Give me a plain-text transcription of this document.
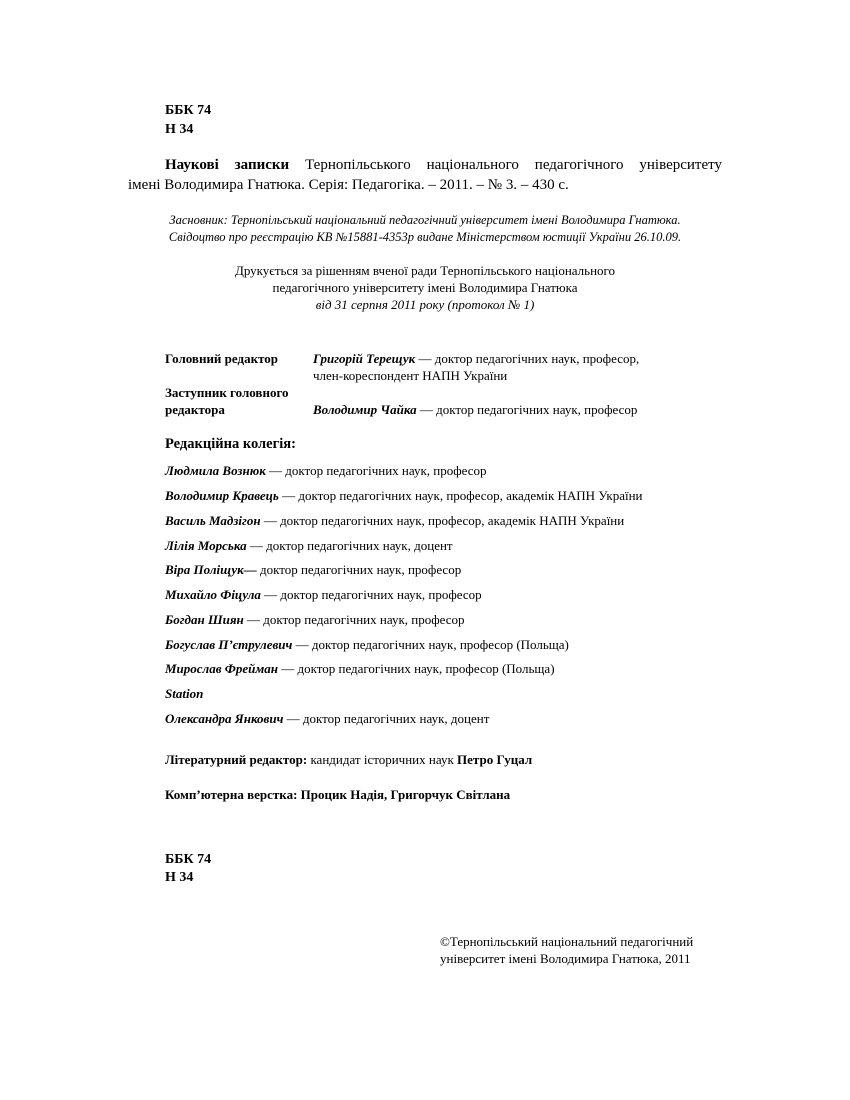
ББК 74
Н 34
Наукові записки Тернопільського національного педагогічного університету
імені Володимира Гнатюка. Серія: Педагогіка. – 2011. – № 3. – 430 с.
Засновник: Тернопільський національний педагогічний університет імені Володимира Гнатюка.
Свідоцтво про реєстрацію КВ №15881-4353р видане Міністерством юстиції України 26.10.09.
Друкується за рішенням вченої ради Тернопільського національного
педагогічного університету імені Володимира Гнатюка
від 31 серпня 2011 року (протокол № 1)
Головний редактор	Григорій Терещук — доктор педагогічних наук, професор,
член-кореспондент НАПН України
Заступник головного
редактора	Володимир Чайка — доктор педагогічних наук, професор
Редакційна колегія:
Людмила Вознюк — доктор педагогічних наук, професор
Володимир Кравець — доктор педагогічних наук, професор, академік НАПН України
Василь Мадзігон — доктор педагогічних наук, професор, академік НАПН України
Лілія Морська — доктор педагогічних наук, доцент
Віра Поліщук— доктор педагогічних наук, професор
Михайло Фіцула — доктор педагогічних наук, професор
Богдан Шиян — доктор педагогічних наук, професор
Богуслав П’єтрулевич — доктор педагогічних наук, професор (Польща)
Мирослав Фрейман — доктор педагогічних наук, професор (Польща)
Station
Олександра Янкович — доктор педагогічних наук, доцент
Літературний редактор: кандидат історичних наук Петро Гуцал
Комп’ютерна верстка: Процик Надія, Григорчук Світлана
ББК 74
Н 34
©Тернопільський національний педагогічний
університет імені Володимира Гнатюка, 2011
